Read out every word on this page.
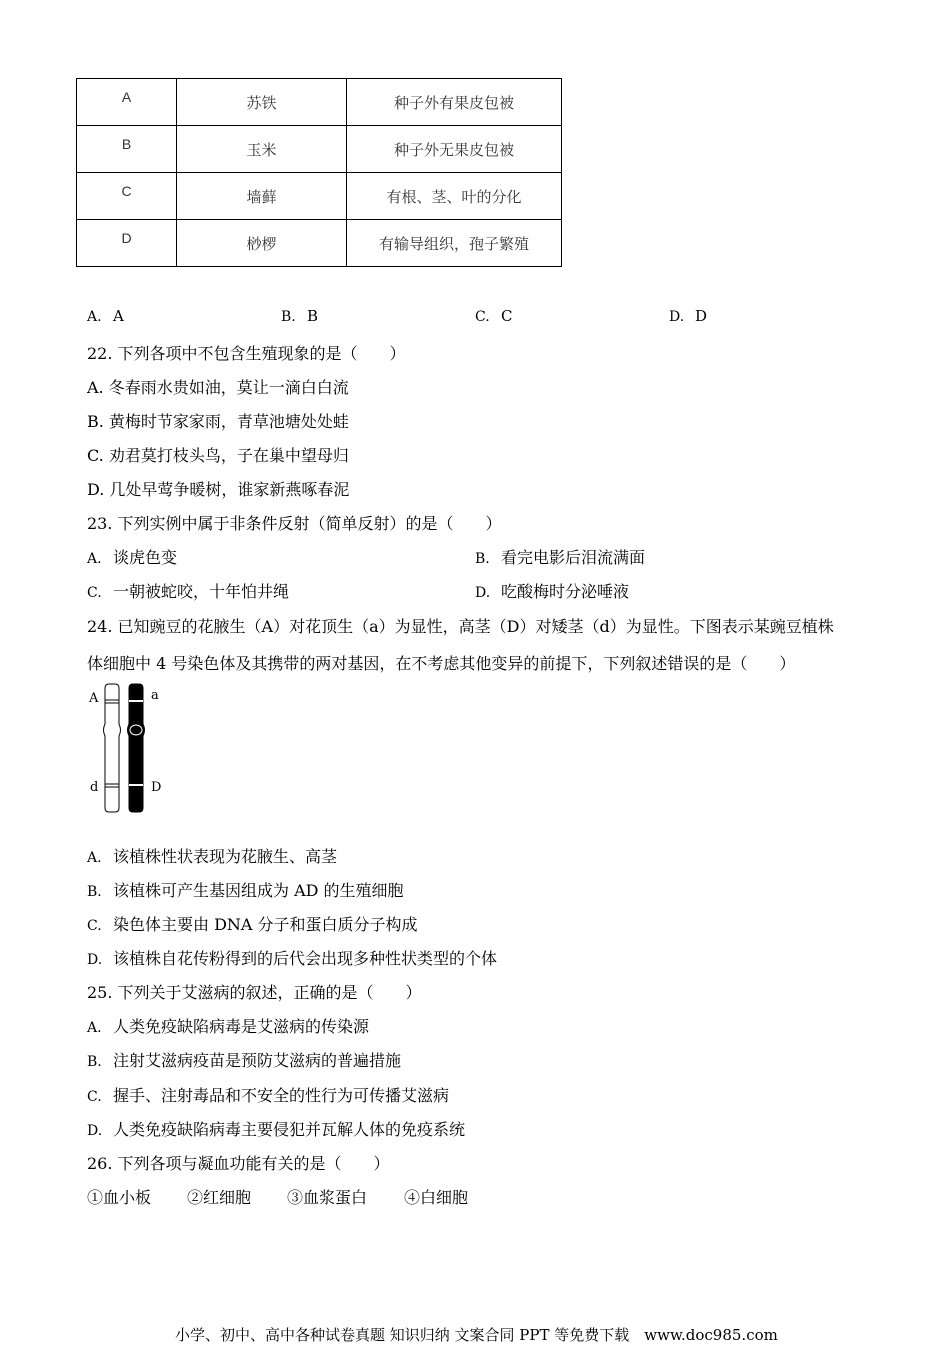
A	苏铁	种子外有果皮包被
B	玉米	种子外无果皮包被
C	墙藓	有根、茎、叶的分化
D	桫椤	有输导组织，孢子繁殖
A. A	B. B	C. C	D. D
22. 下列各项中不包含生殖现象的是（　　）
A. 冬春雨水贵如油，莫让一滴白白流
B. 黄梅时节家家雨，青草池塘处处蛙
C. 劝君莫打枝头鸟，子在巢中望母归
D. 几处早莺争暖树，谁家新燕啄春泥
23. 下列实例中属于非条件反射（简单反射）的是（　　）
A. 谈虎色变	B. 看完电影后泪流满面
C. 一朝被蛇咬，十年怕井绳	D. 吃酸梅时分泌唾液
24. 已知豌豆的花腋生（A）对花顶生（a）为显性，高茎（D）对矮茎（d）为显性。下图表示某豌豆植株
体细胞中 4 号染色体及其携带的两对基因，在不考虑其他变异的前提下，下列叙述错误的是（　　）
A	a
d	D
A. 该植株性状表现为花腋生、高茎
B. 该植株可产生基因组成为 AD 的生殖细胞
C. 染色体主要由 DNA 分子和蛋白质分子构成
D. 该植株自花传粉得到的后代会出现多种性状类型的个体
25. 下列关于艾滋病的叙述，正确的是（　　）
A. 人类免疫缺陷病毒是艾滋病的传染源
B. 注射艾滋病疫苗是预防艾滋病的普遍措施
C. 握手、注射毒品和不安全的性行为可传播艾滋病
D. 人类免疫缺陷病毒主要侵犯并瓦解人体的免疫系统
26. 下列各项与凝血功能有关的是（　　）
①血小板 ②红细胞 ③血浆蛋白 ④白细胞
小学、初中、高中各种试卷真题 知识归纳 文案合同 PPT 等免费下载　www.doc985.com
